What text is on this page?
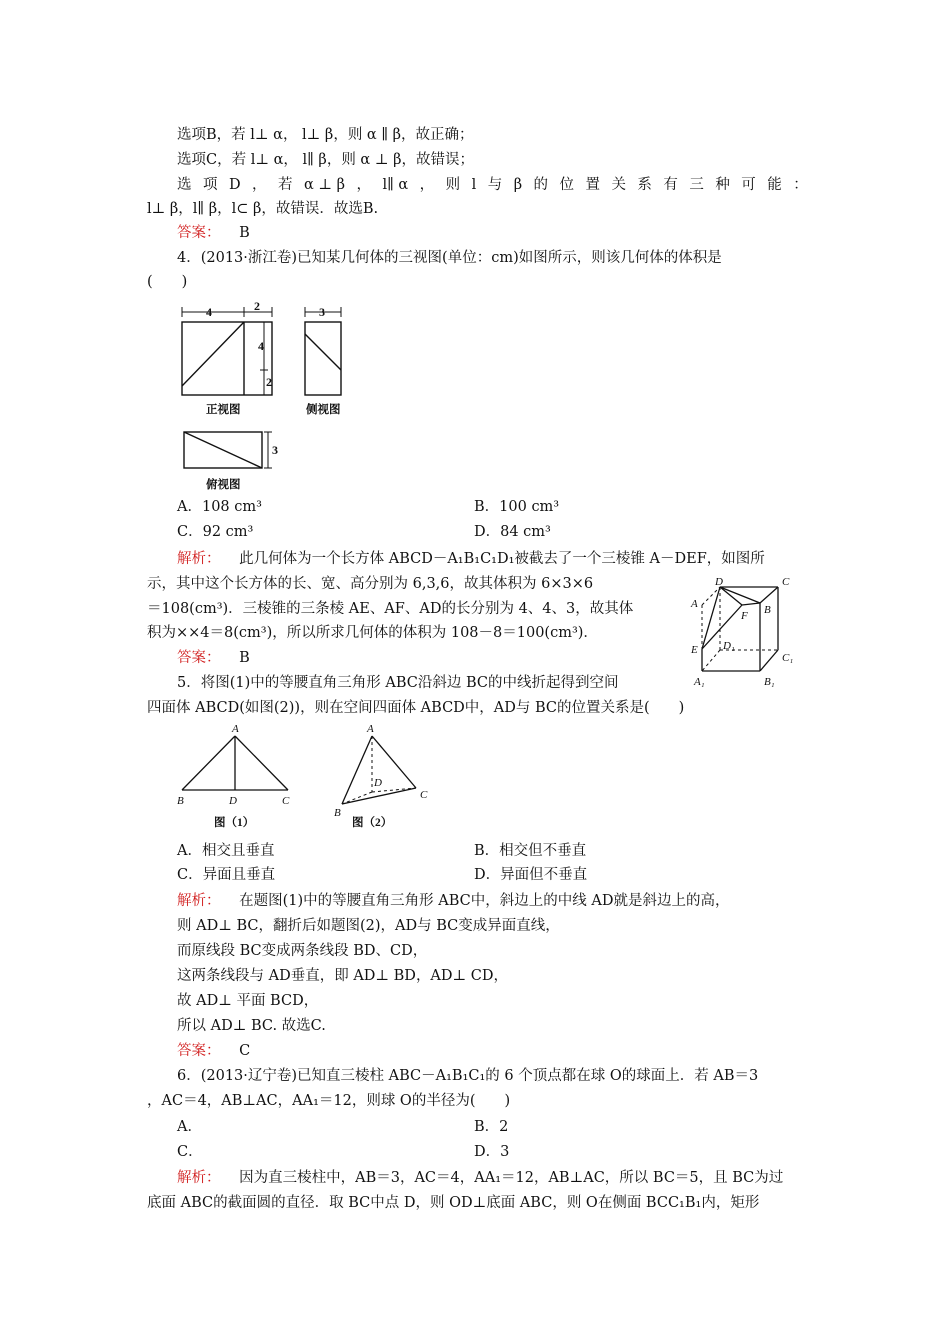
选项B，若 l⊥ α， l⊥ β，则 α ∥ β，故正确；
选项C，若 l⊥ α， l∥ β，则 α ⊥ β，故错误；
选 项 D ， 若 α ⊥ β ， l∥ α ， 则 l 与 β 的 位 置 关 系 有 三 种 可 能 ：
l⊥ β，l∥ β，l⊂ β，故错误．故选B.
答案： B
4．(2013·浙江卷)已知某几何体的三视图(单位：cm)如图所示，则该几何体的体积是
(　　)
4	2	3
4
2
3
正视图	侧视图
俯视图
A．108 cm³	B．100 cm³
C．92 cm³	D．84 cm³
解析： 此几何体为一个长方体 ABCD－A₁B₁C₁D₁被截去了一个三棱锥 A－DEF，如图所
示，其中这个长方体的长、宽、高分别为 6,3,6，故其体积为 6×3×6
＝108(cm³)．三棱锥的三条棱 AE、AF、AD的长分别为 4、4、3，故其体
积为××4＝8(cm³)，所以所求几何体的体积为 108－8＝100(cm³)．
D	C
A
F B
D₁
E
C₁
A₁	B₁
答案： B
5．将图(1)中的等腰直角三角形 ABC沿斜边 BC的中线折起得到空间
四面体 ABCD(如图(2))，则在空间四面体 ABCD中，AD与 BC的位置关系是(　　)
A
B	D	C
A
D
B
C
图（1）	图（2）
A．相交且垂直	B．相交但不垂直
C．异面且垂直	D．异面但不垂直
解析： 在题图(1)中的等腰直角三角形 ABC中，斜边上的中线 AD就是斜边上的高，
则 AD⊥ BC，翻折后如题图(2)，AD与 BC变成异面直线，
而原线段 BC变成两条线段 BD、CD，
这两条线段与 AD垂直，即 AD⊥ BD，AD⊥ CD，
故 AD⊥ 平面 BCD，
所以 AD⊥ BC. 故选C.
答案： C
6．(2013·辽宁卷)已知直三棱柱 ABC－A₁B₁C₁的 6 个顶点都在球 O的球面上．若 AB＝3
，AC＝4，AB⊥AC，AA₁＝12，则球 O的半径为(　　)
A．	B．2
C．	D．3
解析： 因为直三棱柱中，AB＝3，AC＝4，AA₁＝12，AB⊥AC，所以 BC＝5，且 BC为过
底面 ABC的截面圆的直径．取 BC中点 D，则 OD⊥底面 ABC，则 O在侧面 BCC₁B₁内，矩形
